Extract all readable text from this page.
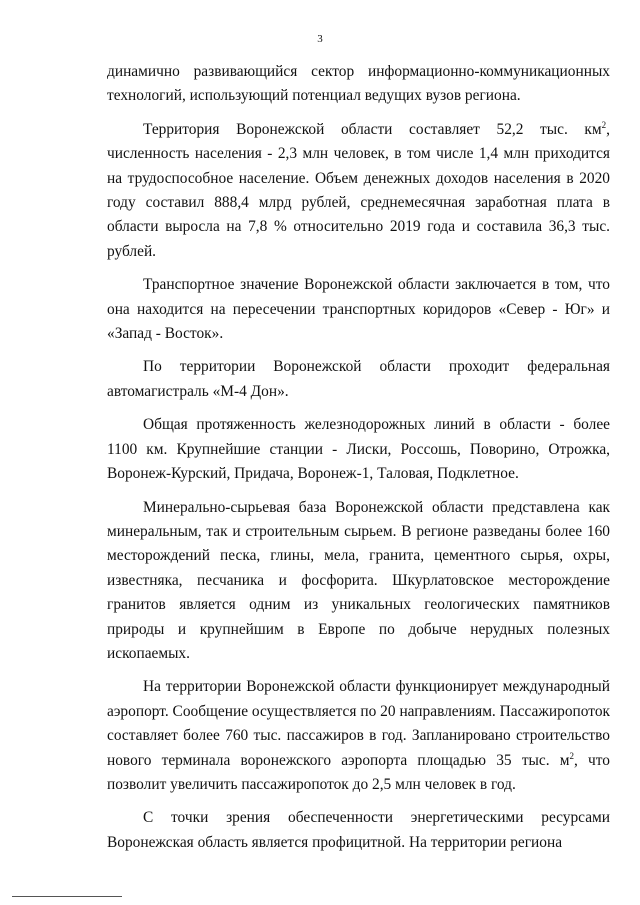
3

динамично развивающийся сектор информационно-коммуникационных технологий, использующий потенциал ведущих вузов региона.

Территория Воронежской области составляет 52,2 тыс. $км^2$, численность населения - 2,3 млн человек, в том числе 1,4 млн приходится на трудоспособное население. Объем денежных доходов населения в 2020 году составил 888,4 млрд рублей, среднемесячная заработная плата в области выросла на 7,8 % относительно 2019 года и составила 36,3 тыс. рублей.

Транспортное значение Воронежской области заключается в том, что она находится на пересечении транспортных коридоров «Север - Юг» и «Запад - Восток».

По территории Воронежской области проходит федеральная автомагистраль «М-4 Дон».

Общая протяженность железнодорожных линий в области - более 1100 км. Крупнейшие станции - Лиски, Россошь, Поворино, Отрожка, Воронеж-Курский, Придача, Воронеж-1, Таловая, Подклетное.

Минерально-сырьевая база Воронежской области представлена как минеральным, так и строительным сырьем. В регионе разведаны более 160 месторождений песка, глины, мела, гранита, цементного сырья, охры, известняка, песчаника и фосфорита. Шкурлатовское месторождение гранитов является одним из уникальных геологических памятников природы и крупнейшим в Европе по добыче нерудных полезных ископаемых.

На территории Воронежской области функционирует международный аэропорт. Сообщение осуществляется по 20 направлениям. Пассажиропоток составляет более 760 тыс. пассажиров в год. Запланировано строительство нового терминала воронежского аэропорта площадью 35 тыс. $м^2$, что позволит увеличить пассажиропоток до 2,5 млн человек в год.

С точки зрения обеспеченности энергетическими ресурсами Воронежская область является профицитной. На территории региона
